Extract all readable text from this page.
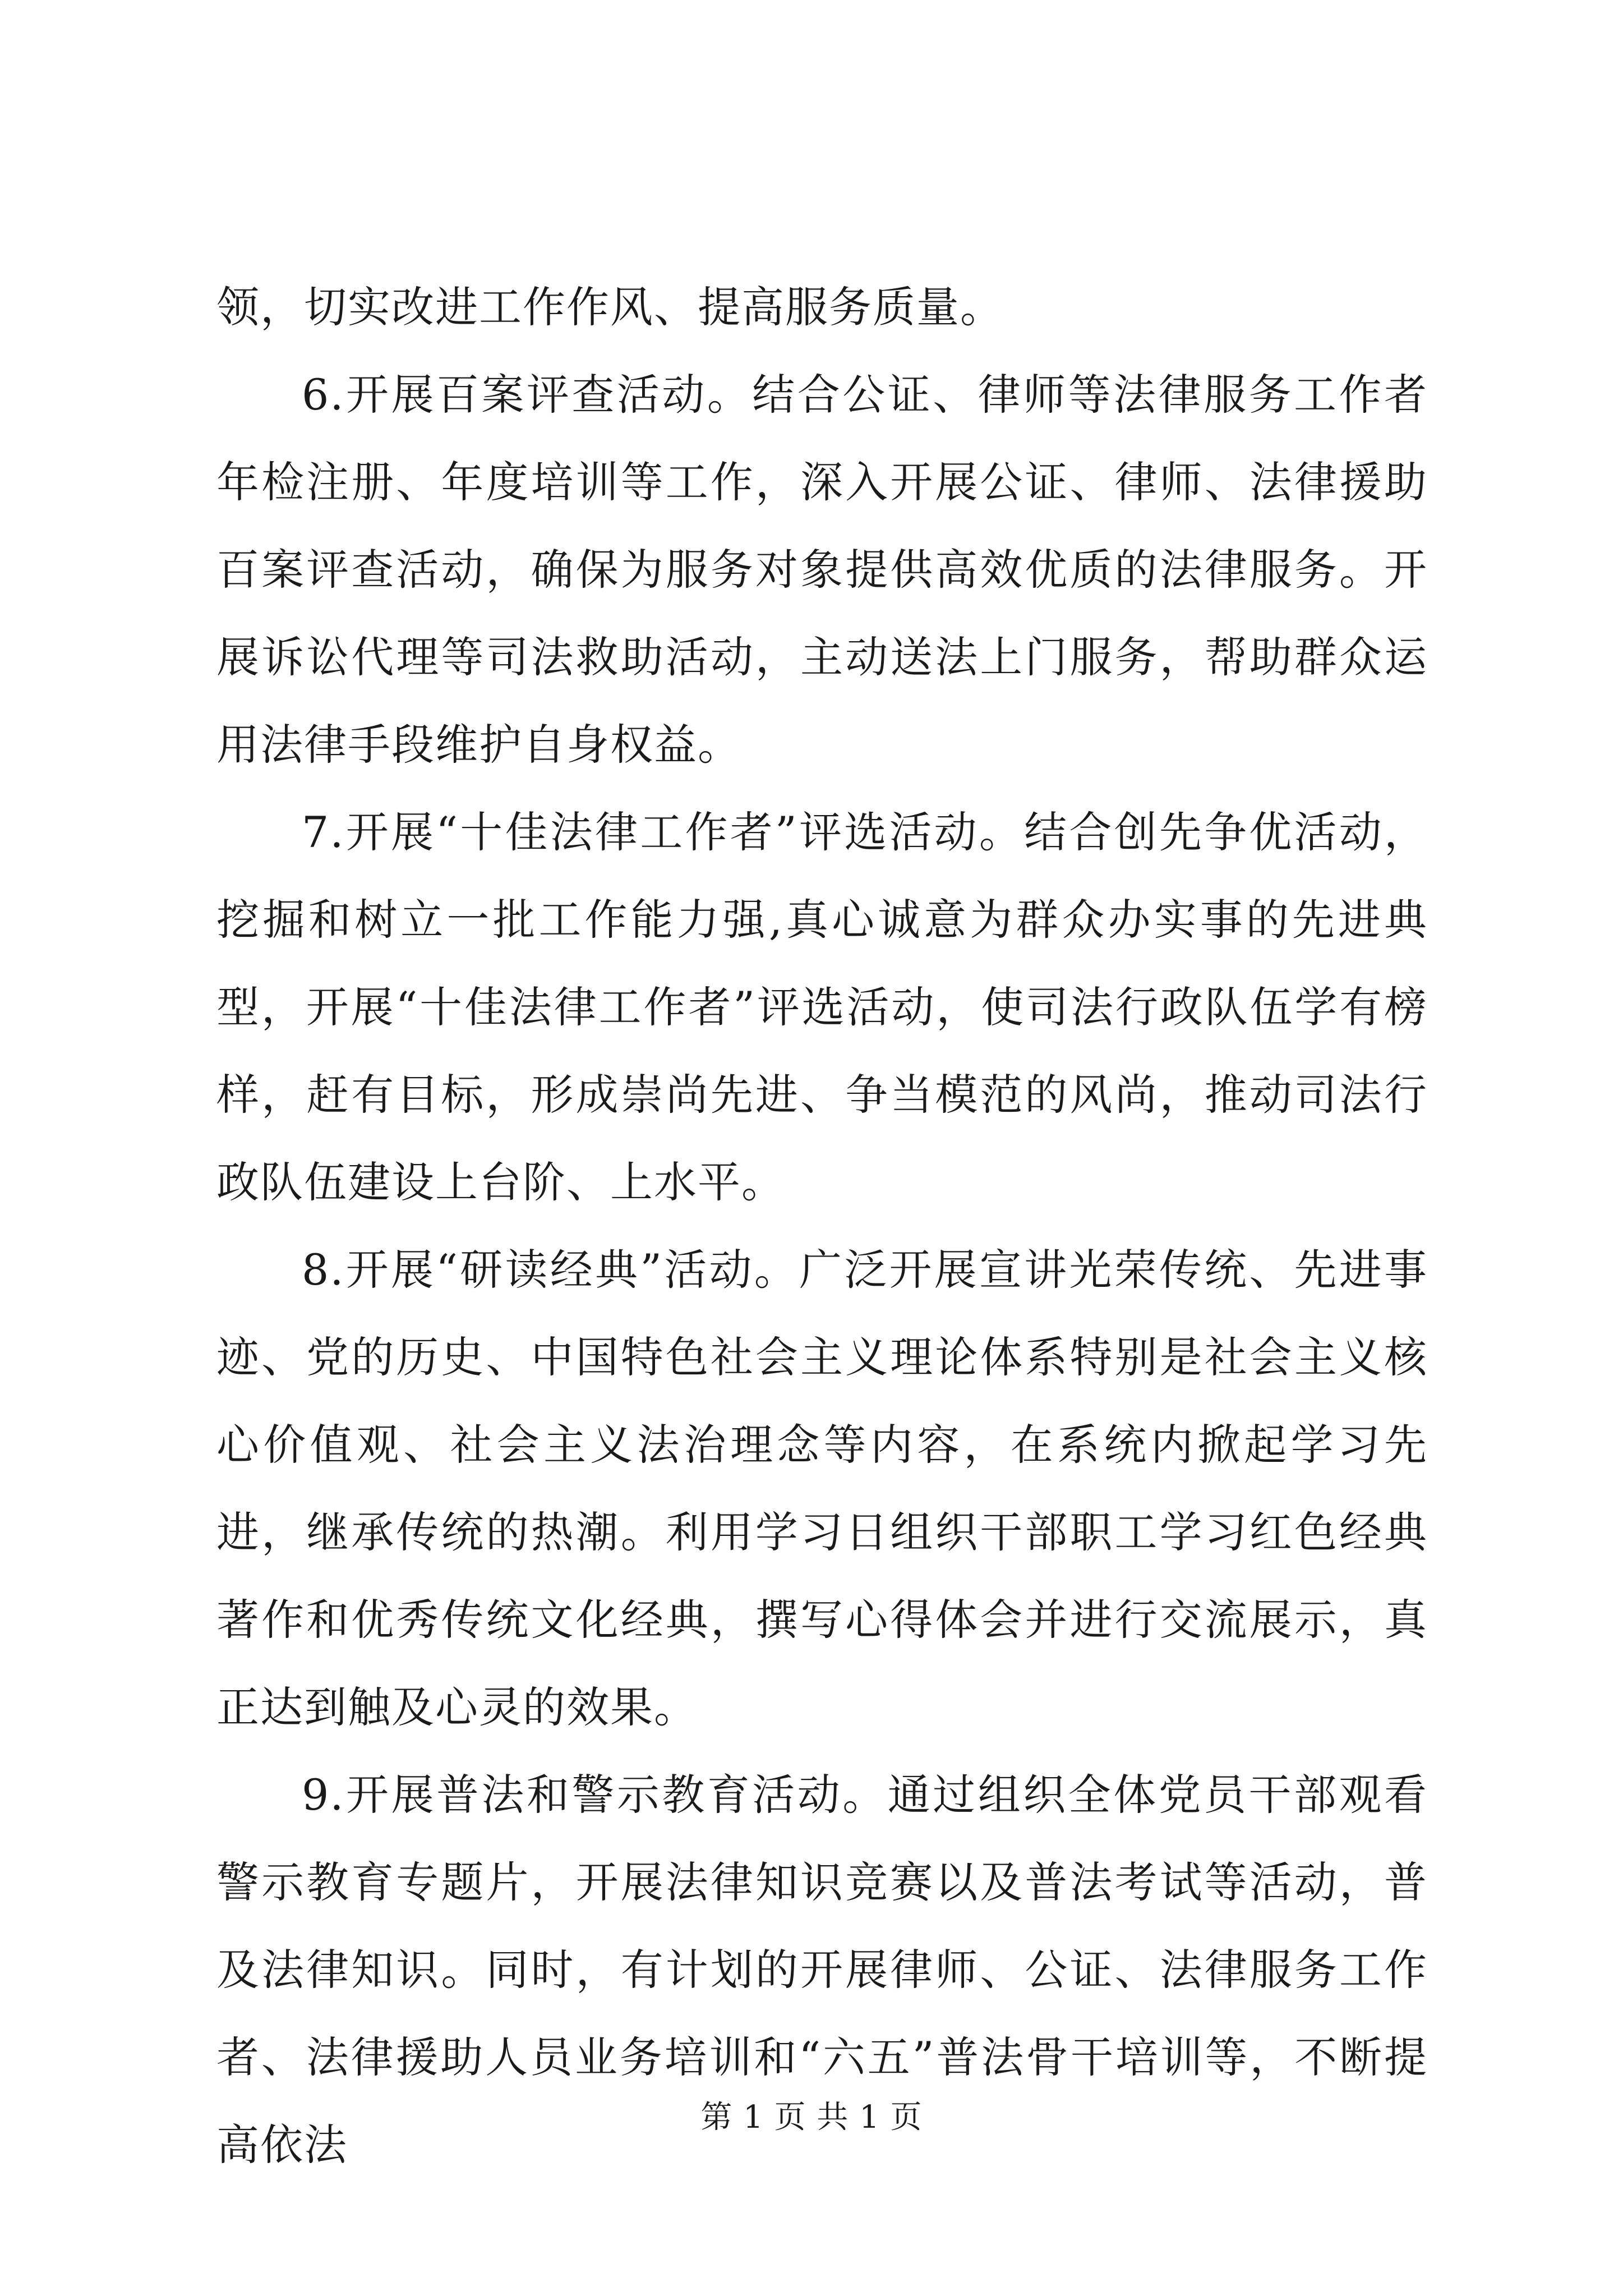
领，切实改进工作作风、提高服务质量。

6.开展百案评查活动。结合公证、律师等法律服务工作者年检注册、年度培训等工作，深入开展公证、律师、法律援助百案评查活动，确保为服务对象提供高效优质的法律服务。开展诉讼代理等司法救助活动，主动送法上门服务，帮助群众运用法律手段维护自身权益。

7.开展“十佳法律工作者”评选活动。结合创先争优活动，挖掘和树立一批工作能力强,真心诚意为群众办实事的先进典型，开展“十佳法律工作者”评选活动，使司法行政队伍学有榜样，赶有目标，形成崇尚先进、争当模范的风尚，推动司法行政队伍建设上台阶、上水平。

8.开展“研读经典”活动。广泛开展宣讲光荣传统、先进事迹、党的历史、中国特色社会主义理论体系特别是社会主义核心价值观、社会主义法治理念等内容，在系统内掀起学习先进，继承传统的热潮。利用学习日组织干部职工学习红色经典著作和优秀传统文化经典，撰写心得体会并进行交流展示，真正达到触及心灵的效果。

9.开展普法和警示教育活动。通过组织全体党员干部观看警示教育专题片，开展法律知识竞赛以及普法考试等活动，普及法律知识。同时，有计划的开展律师、公证、法律服务工作者、法律援助人员业务培训和“六五”普法骨干培训等，不断提高依法

第 1 页 共 1 页
